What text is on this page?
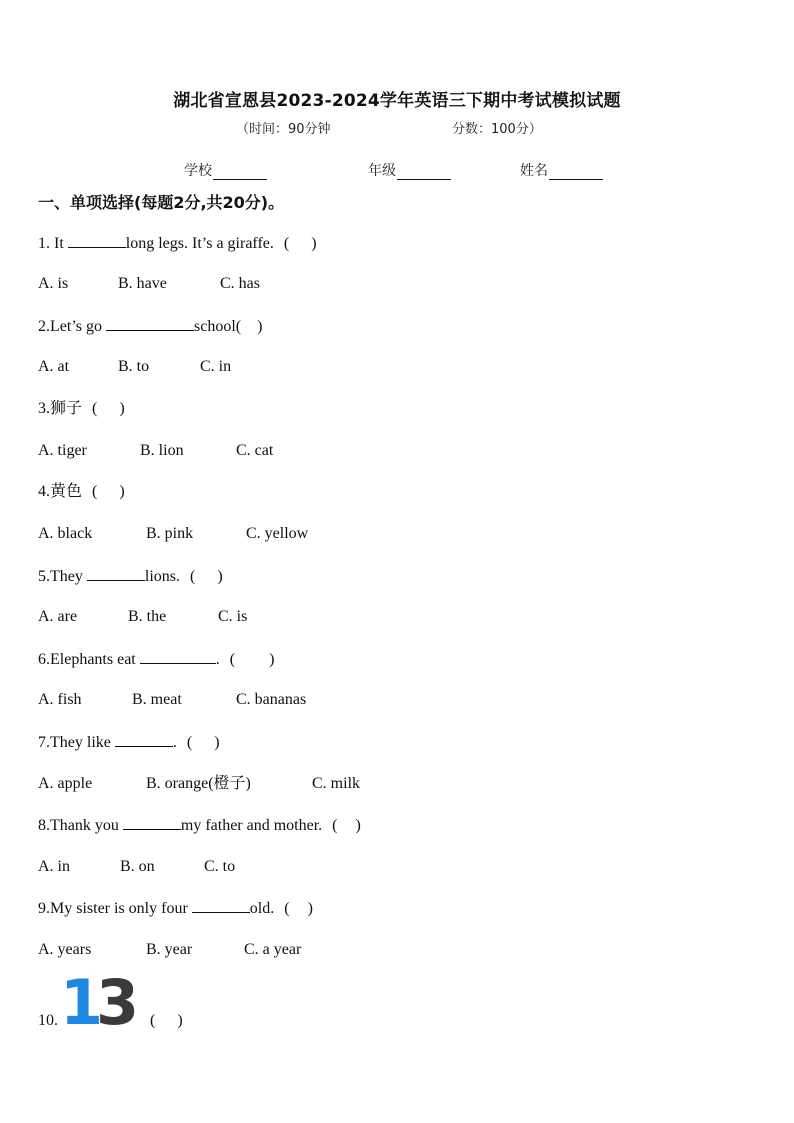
湖北省宣恩县2023-2024学年英语三下期中考试模拟试题
（时间：90分钟	分数：100分）
学校	年级	姓名
一、单项选择(每题2分,共20分)。
1. It	long legs. It’s a giraffe. ( )
A. is	B. have	C. has
2.Let’s go	school( )
A. at	B. to	C. in
3.狮子 ( )
A. tiger	B. lion	C. cat
4.黄色 ( )
A. black	B. pink	C. yellow
5.They	lions. ( )
A. are	B. the	C. is
6.Elephants eat	. ( )
A. fish	B. meat	C. bananas
7.They like	. ( )
A. apple	B. orange(橙子)	C. milk
8.Thank you	my father and mother. ( )
A. in	B. on	C. to
9.My sister is only four	old. ( )
A. years	B. year	C. a year
10. 1
3 ( )
